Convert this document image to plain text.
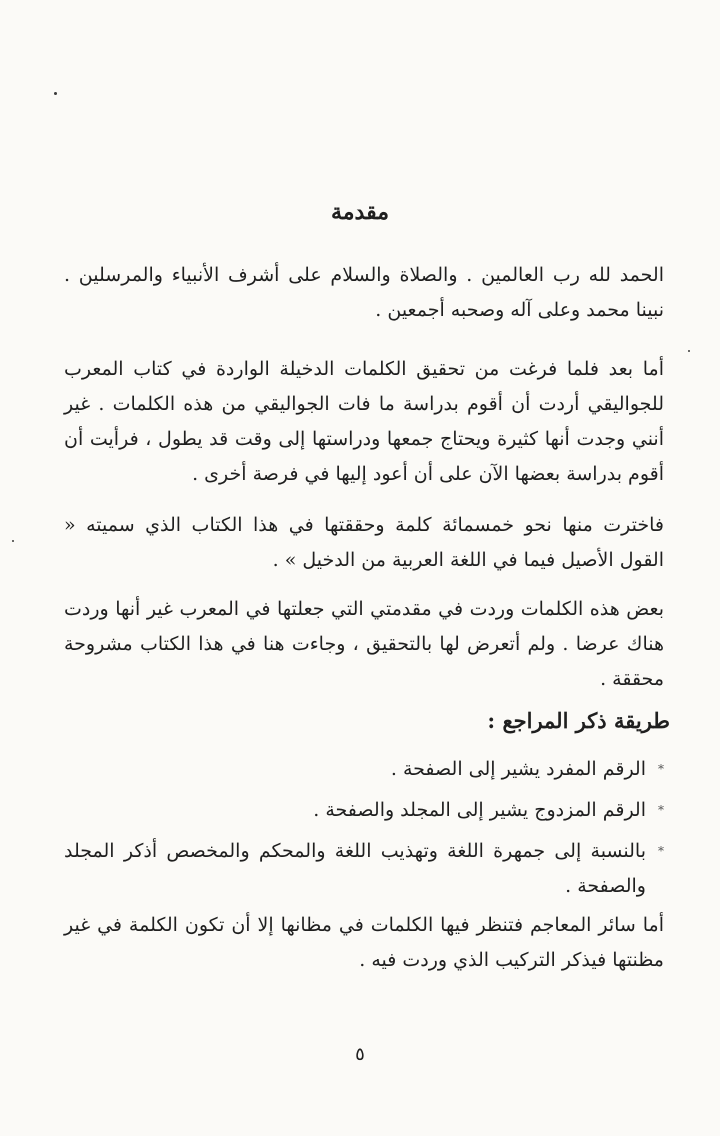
مقدمة

الحمد لله رب العالمين . والصلاة والسلام على أشرف الأنبياء والمرسلين . نبينا محمد وعلى آله وصحبه أجمعين .

أما بعد فلما فرغت من تحقيق الكلمات الدخيلة الواردة في كتاب المعرب للجواليقي أردت أن أقوم بدراسة ما فات الجواليقي من هذه الكلمات . غير أنني وجدت أنها كثيرة ويحتاج جمعها ودراستها إلى وقت قد يطول ، فرأيت أن أقوم بدراسة بعضها الآن على أن أعود إليها في فرصة أخرى .

فاخترت منها نحو خمسمائة كلمة وحققتها في هذا الكتاب الذي سميته « القول الأصيل فيما في اللغة العربية من الدخيل » .

بعض هذه الكلمات وردت في مقدمتي التي جعلتها في المعرب غير أنها وردت هناك عرضا . ولم أتعرض لها بالتحقيق ، وجاءت هنا في هذا الكتاب مشروحة محققة .

طريقة ذكر المراجع :
*
الرقم المفرد يشير إلى الصفحة .
*
الرقم المزدوج يشير إلى المجلد والصفحة .
*
بالنسبة إلى جمهرة اللغة وتهذيب اللغة والمحكم والمخصص أذكر المجلد والصفحة .

أما سائر المعاجم فتنظر فيها الكلمات في مظانها إلا أن تكون الكلمة في غير مظنتها فيذكر التركيب الذي وردت فيه .

٥
